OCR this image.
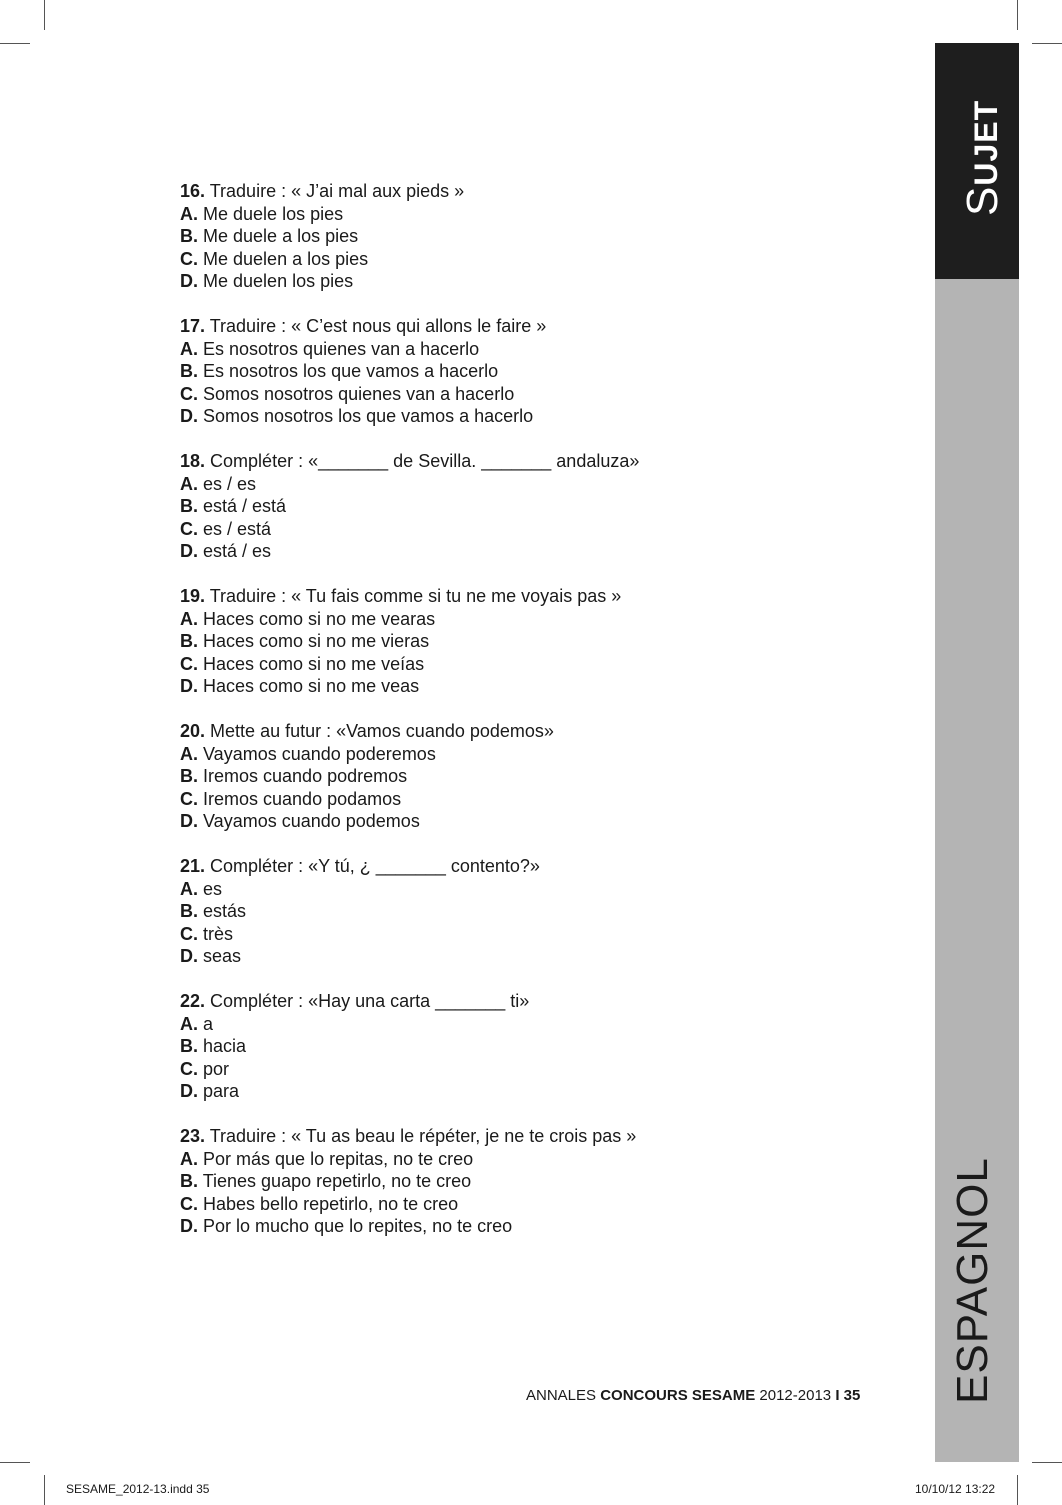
SUJET
ESPAGNOL
16. Traduire : « J’ai mal aux pieds »
A. Me duele los pies
B. Me duele a los pies
C. Me duelen a los pies
D. Me duelen los pies
17. Traduire : « C’est nous qui allons le faire »
A. Es nosotros quienes van a hacerlo
B. Es nosotros los que vamos a hacerlo
C. Somos nosotros quienes van a hacerlo
D. Somos nosotros los que vamos a hacerlo
18. Compléter : «_______ de Sevilla. _______ andaluza»
A. es / es
B. está / está
C. es / está
D. está / es
19. Traduire : « Tu fais comme si tu ne me voyais pas »
A. Haces como si no me vearas
B. Haces como si no me vieras
C. Haces como si no me veías
D. Haces como si no me veas
20. Mette au futur : «Vamos cuando podemos»
A. Vayamos cuando poderemos
B. Iremos cuando podremos
C. Iremos cuando podamos
D. Vayamos cuando podemos
21. Compléter : «Y tú, ¿ _______ contento?»
A. es
B. estás
C. très
D. seas
22. Compléter : «Hay una carta _______ ti»
A. a
B. hacia
C. por
D. para
23. Traduire : « Tu as beau le répéter, je ne te crois pas »
A. Por más que lo repitas, no te creo
B. Tienes guapo repetirlo, no te creo
C. Habes bello repetirlo, no te creo
D. Por lo mucho que lo repites, no te creo
ANNALES CONCOURS SESAME 2012-2013 I 35
SESAME_2012-13.indd 35	10/10/12 13:22
